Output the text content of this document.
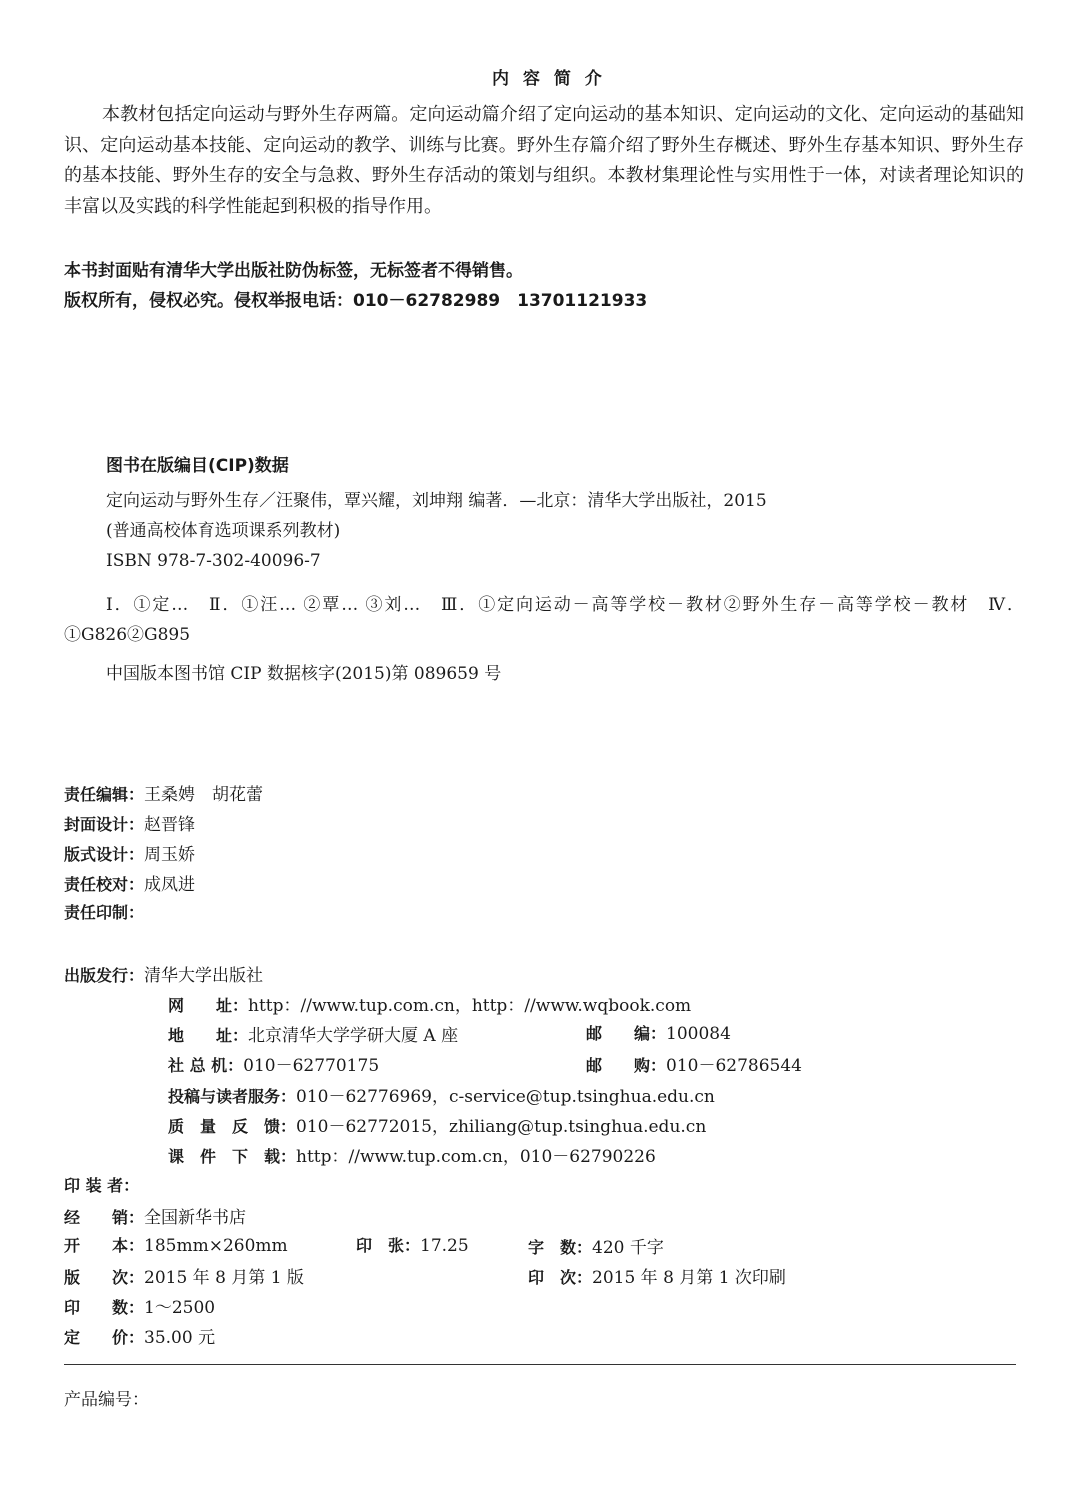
内 容 简 介

本教材包括定向运动与野外生存两篇。定向运动篇介绍了定向运动的基本知识、定向运动的文化、定向运动的基础知识、定向运动基本技能、定向运动的教学、训练与比赛。野外生存篇介绍了野外生存概述、野外生存基本知识、野外生存的基本技能、野外生存的安全与急救、野外生存活动的策划与组织。本教材集理论性与实用性于一体，对读者理论知识的丰富以及实践的科学性能起到积极的指导作用。

本书封面贴有清华大学出版社防伪标签，无标签者不得销售。
版权所有，侵权必究。侵权举报电话：010－62782989　13701121933
图书在版编目(CIP)数据
定向运动与野外生存／汪聚伟，覃兴耀，刘坤翔 编著．—北京：清华大学出版社，2015
(普通高校体育选项课系列教材)
ISBN 978-7-302-40096-7

Ⅰ．①定…　Ⅱ．①汪… ②覃… ③刘…　Ⅲ．①定向运动－高等学校－教材②野外生存－高等学校－教材　Ⅳ．①G826②G895

中国版本图书馆 CIP 数据核字(2015)第 089659 号
责任编辑：王桑娉　胡花蕾
封面设计：赵晋锋
版式设计：周玉娇
责任校对：成凤进
责任印制：
出版发行：清华大学出版社
网　　址：http：//www.tup.com.cn，http：//www.wqbook.com
地　　址：北京清华大学学研大厦 A 座	邮　　编：100084
社 总 机：010－62770175	邮　　购：010－62786544
投稿与读者服务：010－62776969，c-service@tup.tsinghua.edu.cn
质　量　反　馈：010－62772015，zhiliang@tup.tsinghua.edu.cn
课　件　下　载：http：//www.tup.com.cn，010－62790226
印 装 者：
经　　销：全国新华书店
开　　本：185mm×260mm	印　张：17.25	字　数：420 千字
版　　次：2015 年 8 月第 1 版	印　次：2015 年 8 月第 1 次印刷
印　　数：1～2500
定　　价：35.00 元
产品编号：
